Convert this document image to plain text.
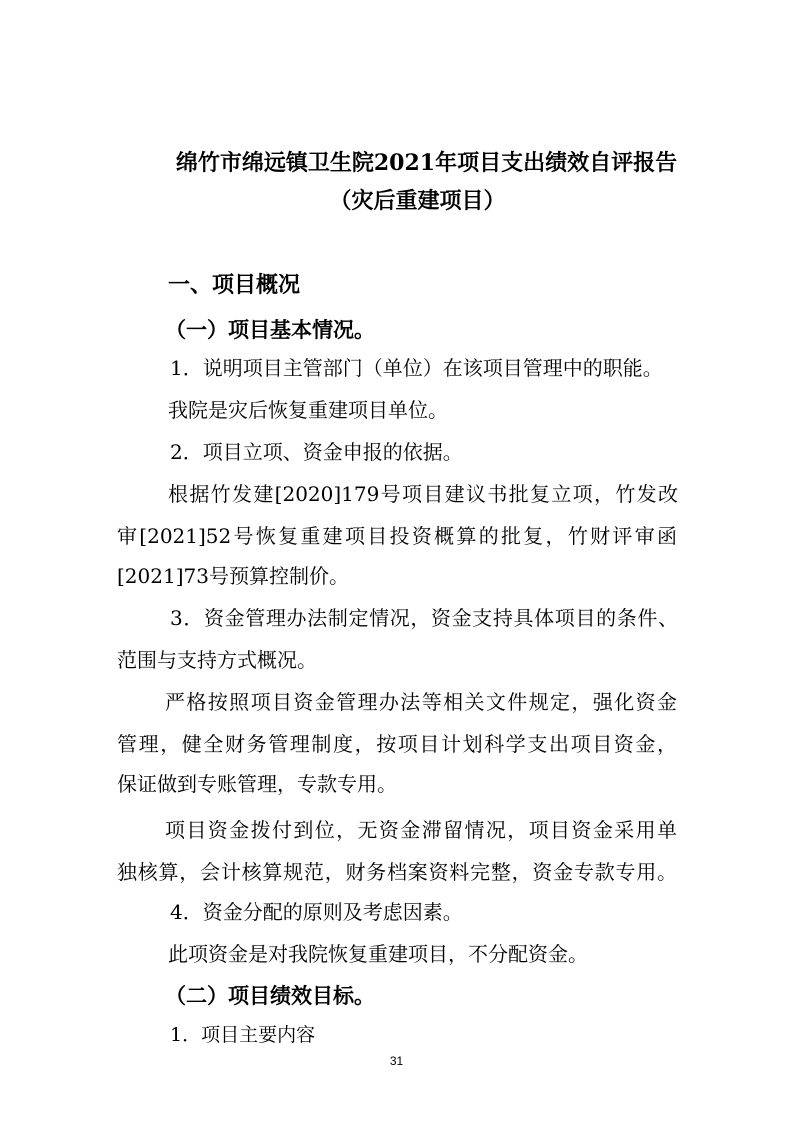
绵竹市绵远镇卫生院2021年项目支出绩效自评报告
（灾后重建项目）
一、项目概况
（一）项目基本情况。
1．说明项目主管部门（单位）在该项目管理中的职能。
我院是灾后恢复重建项目单位。
2．项目立项、资金申报的依据。
根据竹发建[2020]179号项目建议书批复立项，竹发改
审[2021]52号恢复重建项目投资概算的批复，竹财评审函
[2021]73号预算控制价。
3．资金管理办法制定情况，资金支持具体项目的条件、
范围与支持方式概况。
严格按照项目资金管理办法等相关文件规定，强化资金
管理，健全财务管理制度，按项目计划科学支出项目资金，
保证做到专账管理，专款专用。
项目资金拨付到位，无资金滞留情况，项目资金采用单
独核算，会计核算规范，财务档案资料完整，资金专款专用。
4．资金分配的原则及考虑因素。
此项资金是对我院恢复重建项目，不分配资金。
（二）项目绩效目标。
1．项目主要内容
31
